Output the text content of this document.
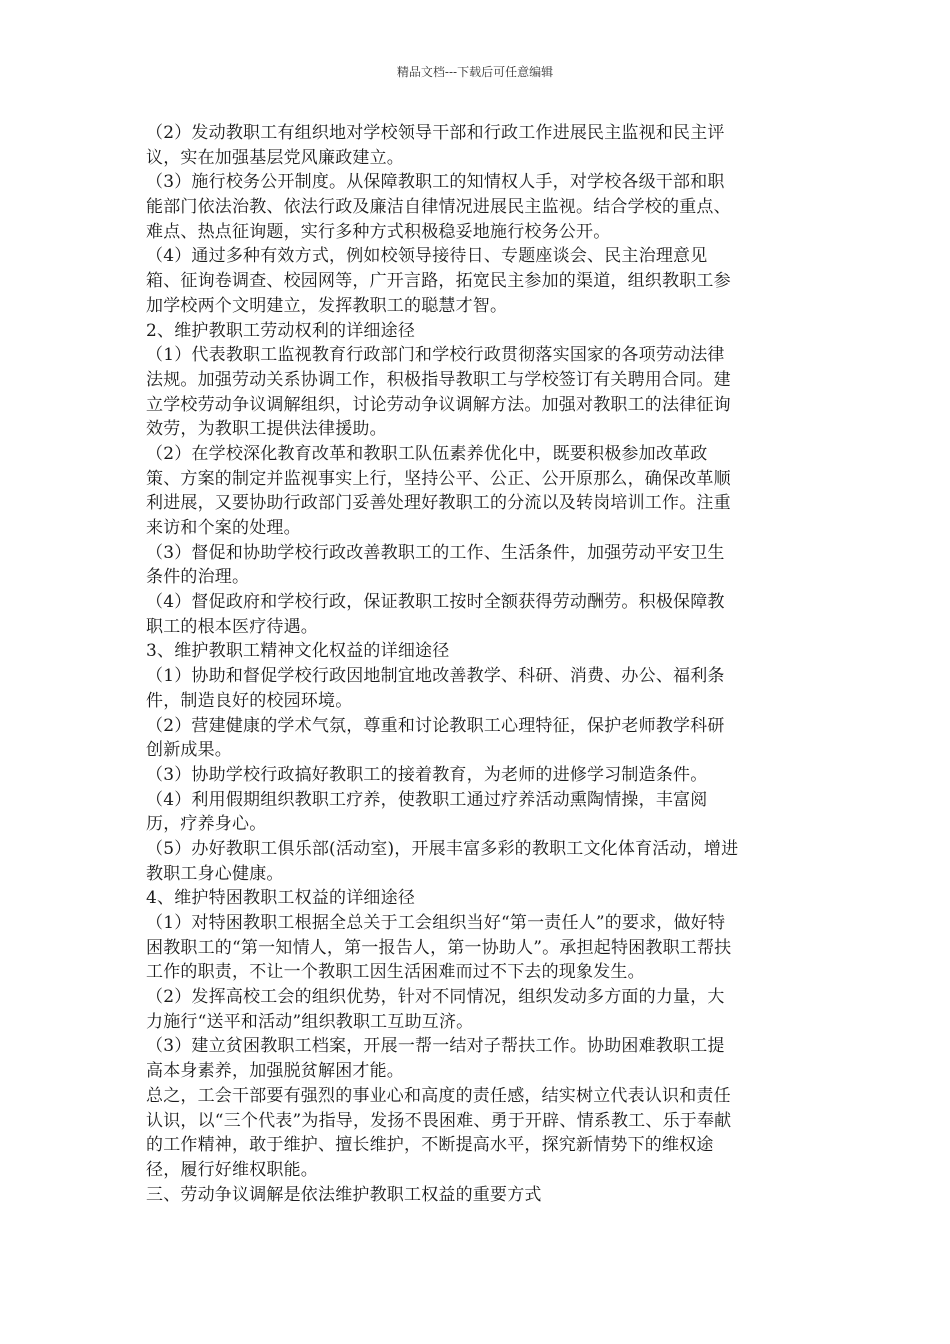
精品文档---下载后可任意编辑
（2）发动教职工有组织地对学校领导干部和行政工作进展民主监视和民主评
议，实在加强基层党风廉政建立。
（3）施行校务公开制度。从保障教职工的知情权人手，对学校各级干部和职
能部门依法治教、依法行政及廉洁自律情况进展民主监视。结合学校的重点、
难点、热点征询题，实行多种方式积极稳妥地施行校务公开。
（4）通过多种有效方式，例如校领导接待日、专题座谈会、民主治理意见
箱、征询卷调查、校园网等，广开言路，拓宽民主参加的渠道，组织教职工参
加学校两个文明建立，发挥教职工的聪慧才智。
2、维护教职工劳动权利的详细途径
（1）代表教职工监视教育行政部门和学校行政贯彻落实国家的各项劳动法律
法规。加强劳动关系协调工作，积极指导教职工与学校签订有关聘用合同。建
立学校劳动争议调解组织，讨论劳动争议调解方法。加强对教职工的法律征询
效劳，为教职工提供法律援助。
（2）在学校深化教育改革和教职工队伍素养优化中，既要积极参加改革政
策、方案的制定并监视事实上行，坚持公平、公正、公开原那么，确保改革顺
利进展，又要协助行政部门妥善处理好教职工的分流以及转岗培训工作。注重
来访和个案的处理。
（3）督促和协助学校行政改善教职工的工作、生活条件，加强劳动平安卫生
条件的治理。
（4）督促政府和学校行政，保证教职工按时全额获得劳动酬劳。积极保障教
职工的根本医疗待遇。
3、维护教职工精神文化权益的详细途径
（1）协助和督促学校行政因地制宜地改善教学、科研、消费、办公、福利条
件，制造良好的校园环境。
（2）营建健康的学术气氛，尊重和讨论教职工心理特征，保护老师教学科研
创新成果。
（3）协助学校行政搞好教职工的接着教育，为老师的进修学习制造条件。
（4）利用假期组织教职工疗养，使教职工通过疗养活动熏陶情操，丰富阅
历，疗养身心。
（5）办好教职工俱乐部(活动室)，开展丰富多彩的教职工文化体育活动，增进
教职工身心健康。
4、维护特困教职工权益的详细途径
（1）对特困教职工根据全总关于工会组织当好“第一责任人”的要求，做好特
困教职工的“第一知情人，第一报告人，第一协助人”。承担起特困教职工帮扶
工作的职责，不让一个教职工因生活困难而过不下去的现象发生。
（2）发挥高校工会的组织优势，针对不同情况，组织发动多方面的力量，大
力施行“送平和活动”组织教职工互助互济。
（3）建立贫困教职工档案，开展一帮一结对子帮扶工作。协助困难教职工提
高本身素养，加强脱贫解困才能。
总之，工会干部要有强烈的事业心和高度的责任感，结实树立代表认识和责任
认识，以“三个代表”为指导，发扬不畏困难、勇于开辟、情系教工、乐于奉献
的工作精神，敢于维护、擅长维护，不断提高水平，探究新情势下的维权途
径，履行好维权职能。
三、劳动争议调解是依法维护教职工权益的重要方式
